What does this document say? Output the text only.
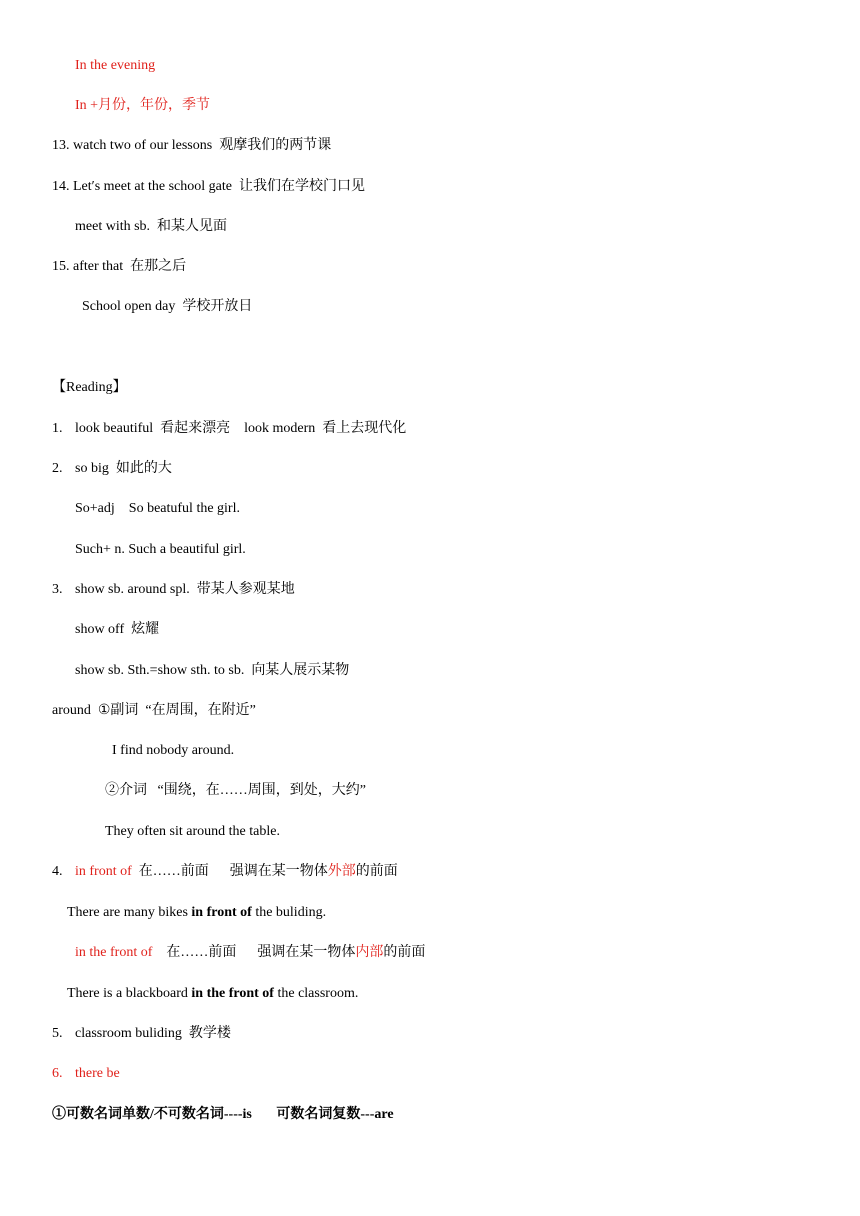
In the evening
In +月份，年份，季节
13. watch two of our lessons  观摩我们的两节课
14. Let′s meet at the school gate  让我们在学校门口见
meet with sb.  和某人见面
15. after that  在那之后
School open day  学校开放日
【Reading】
1. look beautiful  看起来漂亮    look modern  看上去现代化
2. so big  如此的大
So+adj    So beatuful the girl.
Such+ n. Such a beautiful girl.
3. show sb. around spl.  带某人参观某地
show off  炫耀
show sb. Sth.=show sth. to sb.  向某人展示某物
around  ①副词  “在周围，在附近”
I find nobody around.
②介词   “围绕，在……周围，到处，大约”
They often sit around the table.
4. in front of  在……前面      强调在某一物体外部的前面
There are many bikes in front of the buliding.
in the front of    在……前面      强调在某一物体内部的前面
There is a blackboard in the front of the classroom.
5. classroom buliding  教学楼
6. there be
①可数名词单数/不可数名词----is       可数名词复数---are
